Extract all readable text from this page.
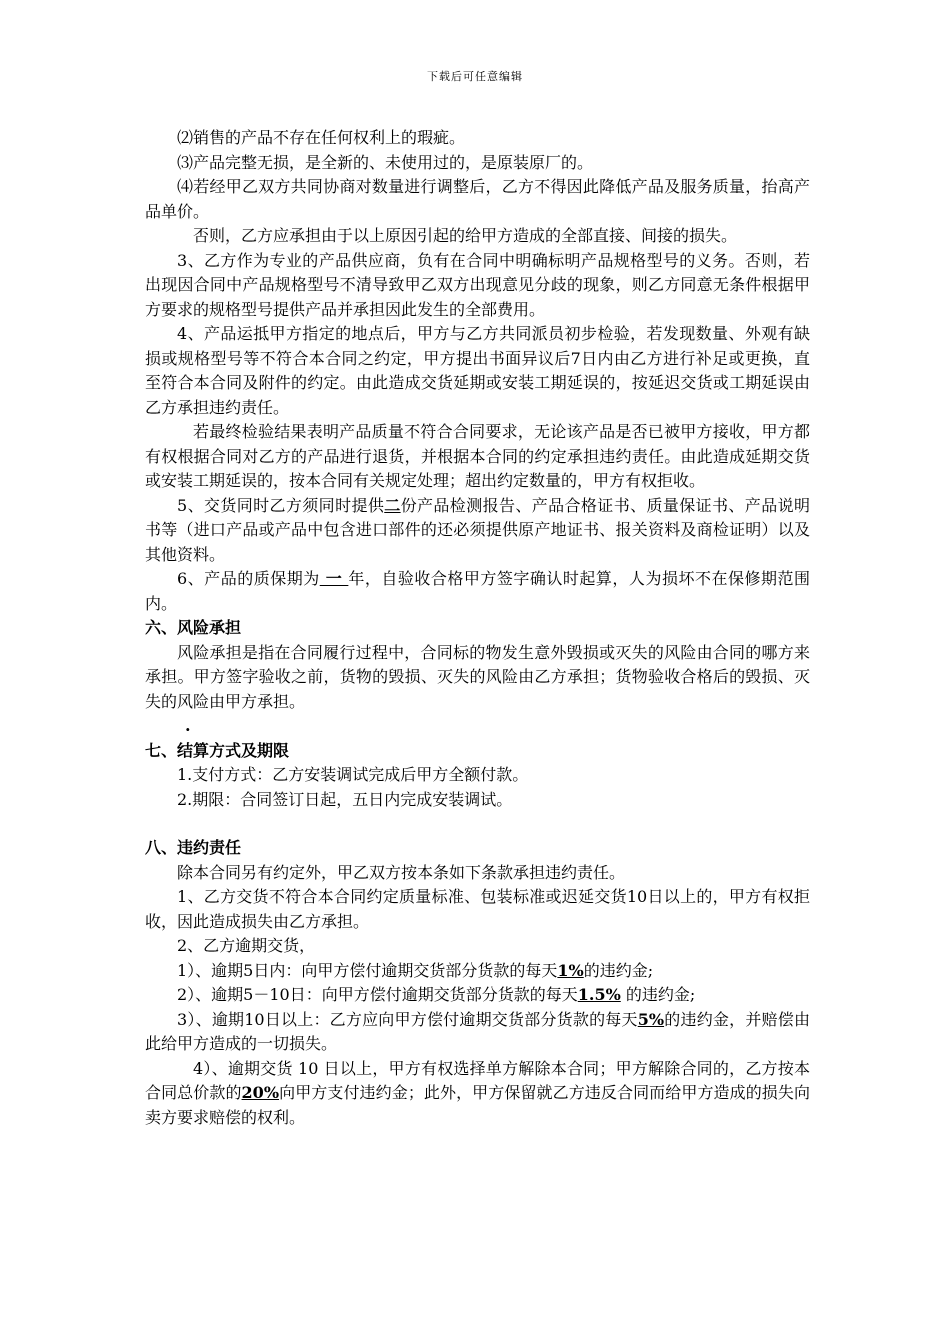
下载后可任意编辑

⑵销售的产品不存在任何权利上的瑕疵。

⑶产品完整无损，是全新的、未使用过的，是原装原厂的。

⑷若经甲乙双方共同协商对数量进行调整后，乙方不得因此降低产品及服务质量，抬高产品单价。

否则，乙方应承担由于以上原因引起的给甲方造成的全部直接、间接的损失。

3、乙方作为专业的产品供应商，负有在合同中明确标明产品规格型号的义务。否则，若出现因合同中产品规格型号不清导致甲乙双方出现意见分歧的现象，则乙方同意无条件根据甲方要求的规格型号提供产品并承担因此发生的全部费用。

4、产品运抵甲方指定的地点后，甲方与乙方共同派员初步检验，若发现数量、外观有缺损或规格型号等不符合本合同之约定，甲方提出书面异议后7日内由乙方进行补足或更换，直至符合本合同及附件的约定。由此造成交货延期或安装工期延误的，按延迟交货或工期延误由乙方承担违约责任。

若最终检验结果表明产品质量不符合合同要求，无论该产品是否已被甲方接收，甲方都有权根据合同对乙方的产品进行退货，并根据本合同的约定承担违约责任。由此造成延期交货或安装工期延误的，按本合同有关规定处理；超出约定数量的，甲方有权拒收。

5、交货同时乙方须同时提供二份产品检测报告、产品合格证书、质量保证书、产品说明书等（进口产品或产品中包含进口部件的还必须提供原产地证书、报关资料及商检证明）以及其他资料。

6、产品的质保期为 一 年，自验收合格甲方签字确认时起算，人为损坏不在保修期范围内。

六、风险承担

风险承担是指在合同履行过程中，合同标的物发生意外毁损或灭失的风险由合同的哪方来承担。甲方签字验收之前，货物的毁损、灭失的风险由乙方承担；货物验收合格后的毁损、灭失的风险由甲方承担。

.

七、结算方式及期限

1.支付方式：乙方安装调试完成后甲方全额付款。

2.期限：合同签订日起，五日内完成安装调试。

八、违约责任

除本合同另有约定外，甲乙双方按本条如下条款承担违约责任。

1、乙方交货不符合本合同约定质量标准、包装标准或迟延交货10日以上的，甲方有权拒收，因此造成损失由乙方承担。

2、乙方逾期交货，

1）、逾期5日内：向甲方偿付逾期交货部分货款的每天1%的违约金;

2）、逾期5－10日：向甲方偿付逾期交货部分货款的每天1.5% 的违约金;

3）、逾期10日以上：乙方应向甲方偿付逾期交货部分货款的每天5%的违约金，并赔偿由此给甲方造成的一切损失。

4）、逾期交货 10 日以上，甲方有权选择单方解除本合同；甲方解除合同的，乙方按本合同总价款的20%向甲方支付违约金；此外，甲方保留就乙方违反合同而给甲方造成的损失向卖方要求赔偿的权利。
